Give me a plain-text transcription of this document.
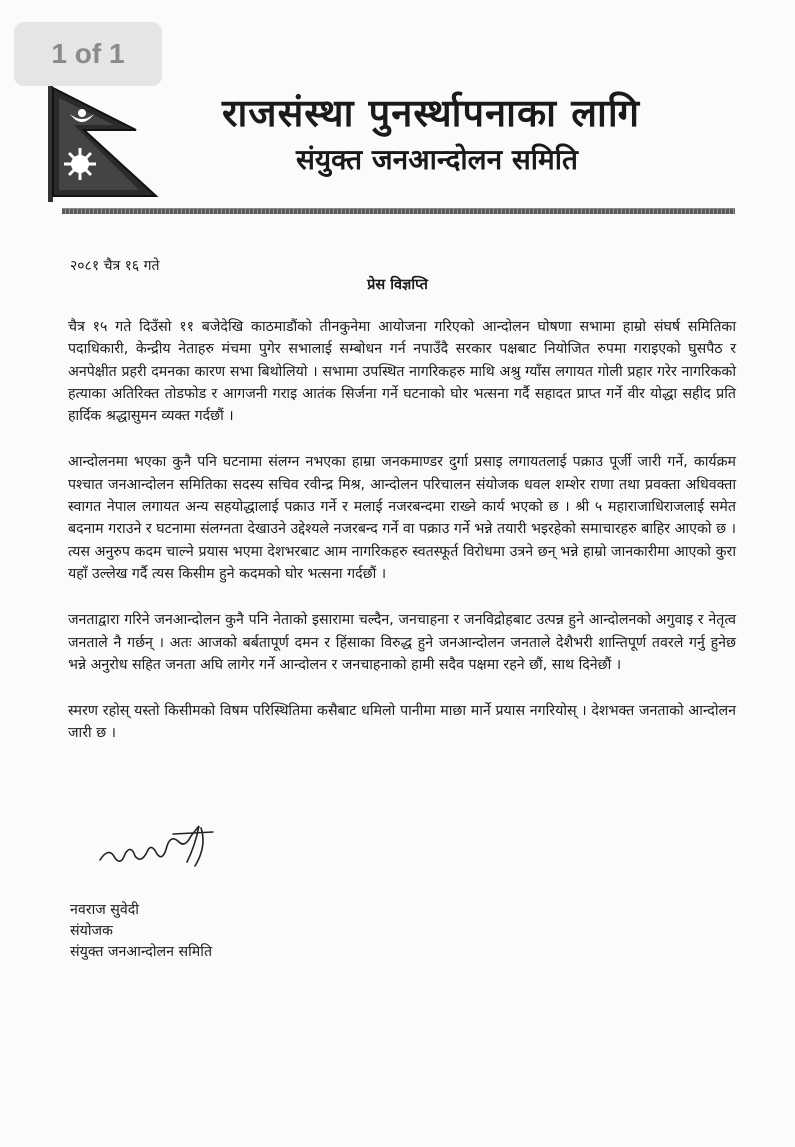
1 of 1
राजसंस्था पुनर्स्थापनाका लागि
संयुक्त जनआन्दोलन समिति
२०८१ चैत्र १६ गते
प्रेस विज्ञप्ति

चैत्र १५ गते दिउँसो ११ बजेदेखि काठमाडौंको तीनकुनेमा आयोजना गरिएको आन्दोलन घोषणा सभामा हाम्रो संघर्ष समितिका पदाधिकारी, केन्द्रीय नेताहरु मंचमा पुगेर सभालाई सम्बोधन गर्न नपाउँदै सरकार पक्षबाट नियोजित रुपमा गराइएको घुसपैठ र अनपेक्षीत प्रहरी दमनका कारण सभा बिथोलियो । सभामा उपस्थित नागरिकहरु माथि अश्रु ग्याँस लगायत गोली प्रहार गरेर नागरिकको हत्याका अतिरिक्त तोडफोड र आगजनी गराइ आतंक सिर्जना गर्ने घटनाको घोर भत्सना गर्दै सहादत प्राप्त गर्ने वीर योद्धा सहीद प्रति हार्दिक श्रद्धासुमन व्यक्त गर्दछौं ।

आन्दोलनमा भएका कुनै पनि घटनामा संलग्न नभएका हाम्रा जनकमाण्डर दुर्गा प्रसाइ लगायतलाई पक्राउ पूर्जी जारी गर्ने, कार्यक्रम पश्चात जनआन्दोलन समितिका सदस्य सचिव रवीन्द्र मिश्र, आन्दोलन परिचालन संयोजक धवल शम्शेर राणा तथा प्रवक्ता अधिवक्ता स्वागत नेपाल लगायत अन्य सहयोद्धालाई पक्राउ गर्ने र मलाई नजरबन्दमा राख्ने कार्य भएको छ । श्री ५ महाराजाधिराजलाई समेत बदनाम गराउने र घटनामा संलग्नता देखाउने उद्देश्यले नजरबन्द गर्ने वा पक्राउ गर्ने भन्ने तयारी भइरहेको समाचारहरु बाहिर आएको छ । त्यस अनुरुप कदम चाल्ने प्रयास भएमा देशभरबाट आम नागरिकहरु स्वतस्फूर्त विरोधमा उत्रने छन् भन्ने हाम्रो जानकारीमा आएको कुरा यहाँ उल्लेख गर्दै त्यस किसीम हुने कदमको घोर भत्सना गर्दछौं ।

जनताद्वारा गरिने जनआन्दोलन कुनै पनि नेताको इसारामा चल्दैन, जनचाहना र जनविद्रोहबाट उत्पन्न हुने आन्दोलनको अगुवाइ र नेतृत्व जनताले नै गर्छन् । अतः आजको बर्बतापूर्ण दमन र हिंसाका विरुद्ध हुने जनआन्दोलन जनताले देशैभरी शान्तिपूर्ण तवरले गर्नु हुनेछ भन्ने अनुरोध सहित जनता अघि लागेर गर्ने आन्दोलन र जनचाहनाको हामी सदैव पक्षमा रहने छौं, साथ दिनेछौं ।

स्मरण रहोस् यस्तो किसीमको विषम परिस्थितिमा कसैबाट धमिलो पानीमा माछा मार्ने प्रयास नगरियोस् । देशभक्त जनताको आन्दोलन जारी छ ।

नवराज सुवेदी
संयोजक
संयुक्त जनआन्दोलन समिति
